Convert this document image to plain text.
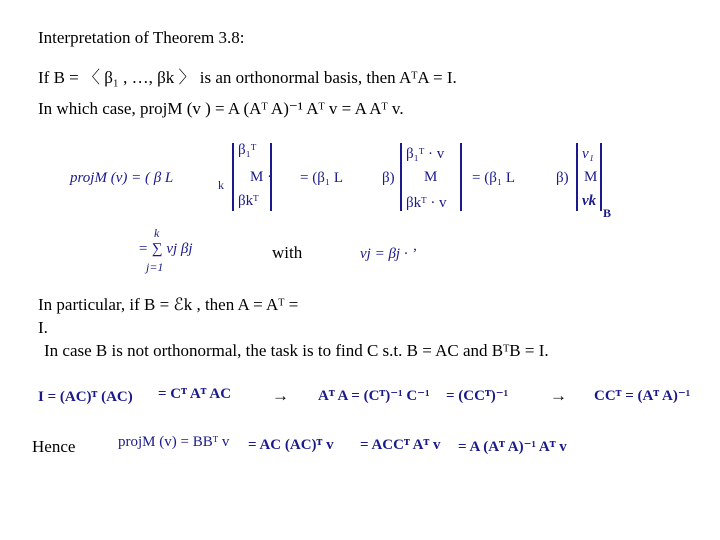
Interpretation of Theorem 3.8:
If B = 〈 β₁ , …, βk 〉 is an orthonormal basis, then AᵀA = I.
In which case, projM (v ) = A (Aᵀ A)⁻¹ Aᵀ v = A Aᵀ v.
projM (v) = ( β L	k
β₁ᵀ
M ·
βkᵀ
= (β₁ L	β)
β₁ᵀ · v
M
βkᵀ · v
= (β₁ L	β)
v₁
M
vk
B
k
= ∑ vj βj
j=1
with	vj = βj · ’
In particular, if B = ℰk , then A = Aᵀ =
I.
In case B is not orthonormal, the task is to find C s.t. B = AC and BᵀB = I.
I = (AC)ᵀ (AC) = Cᵀ Aᵀ AC → Aᵀ A = (Cᵀ)⁻¹ C⁻¹ = (CCᵀ)⁻¹ → CCᵀ = (Aᵀ A)⁻¹
Hence	projM (v) = BBᵀ v = AC (AC)ᵀ v = ACCᵀ Aᵀ v = A (Aᵀ A)⁻¹ Aᵀ v
